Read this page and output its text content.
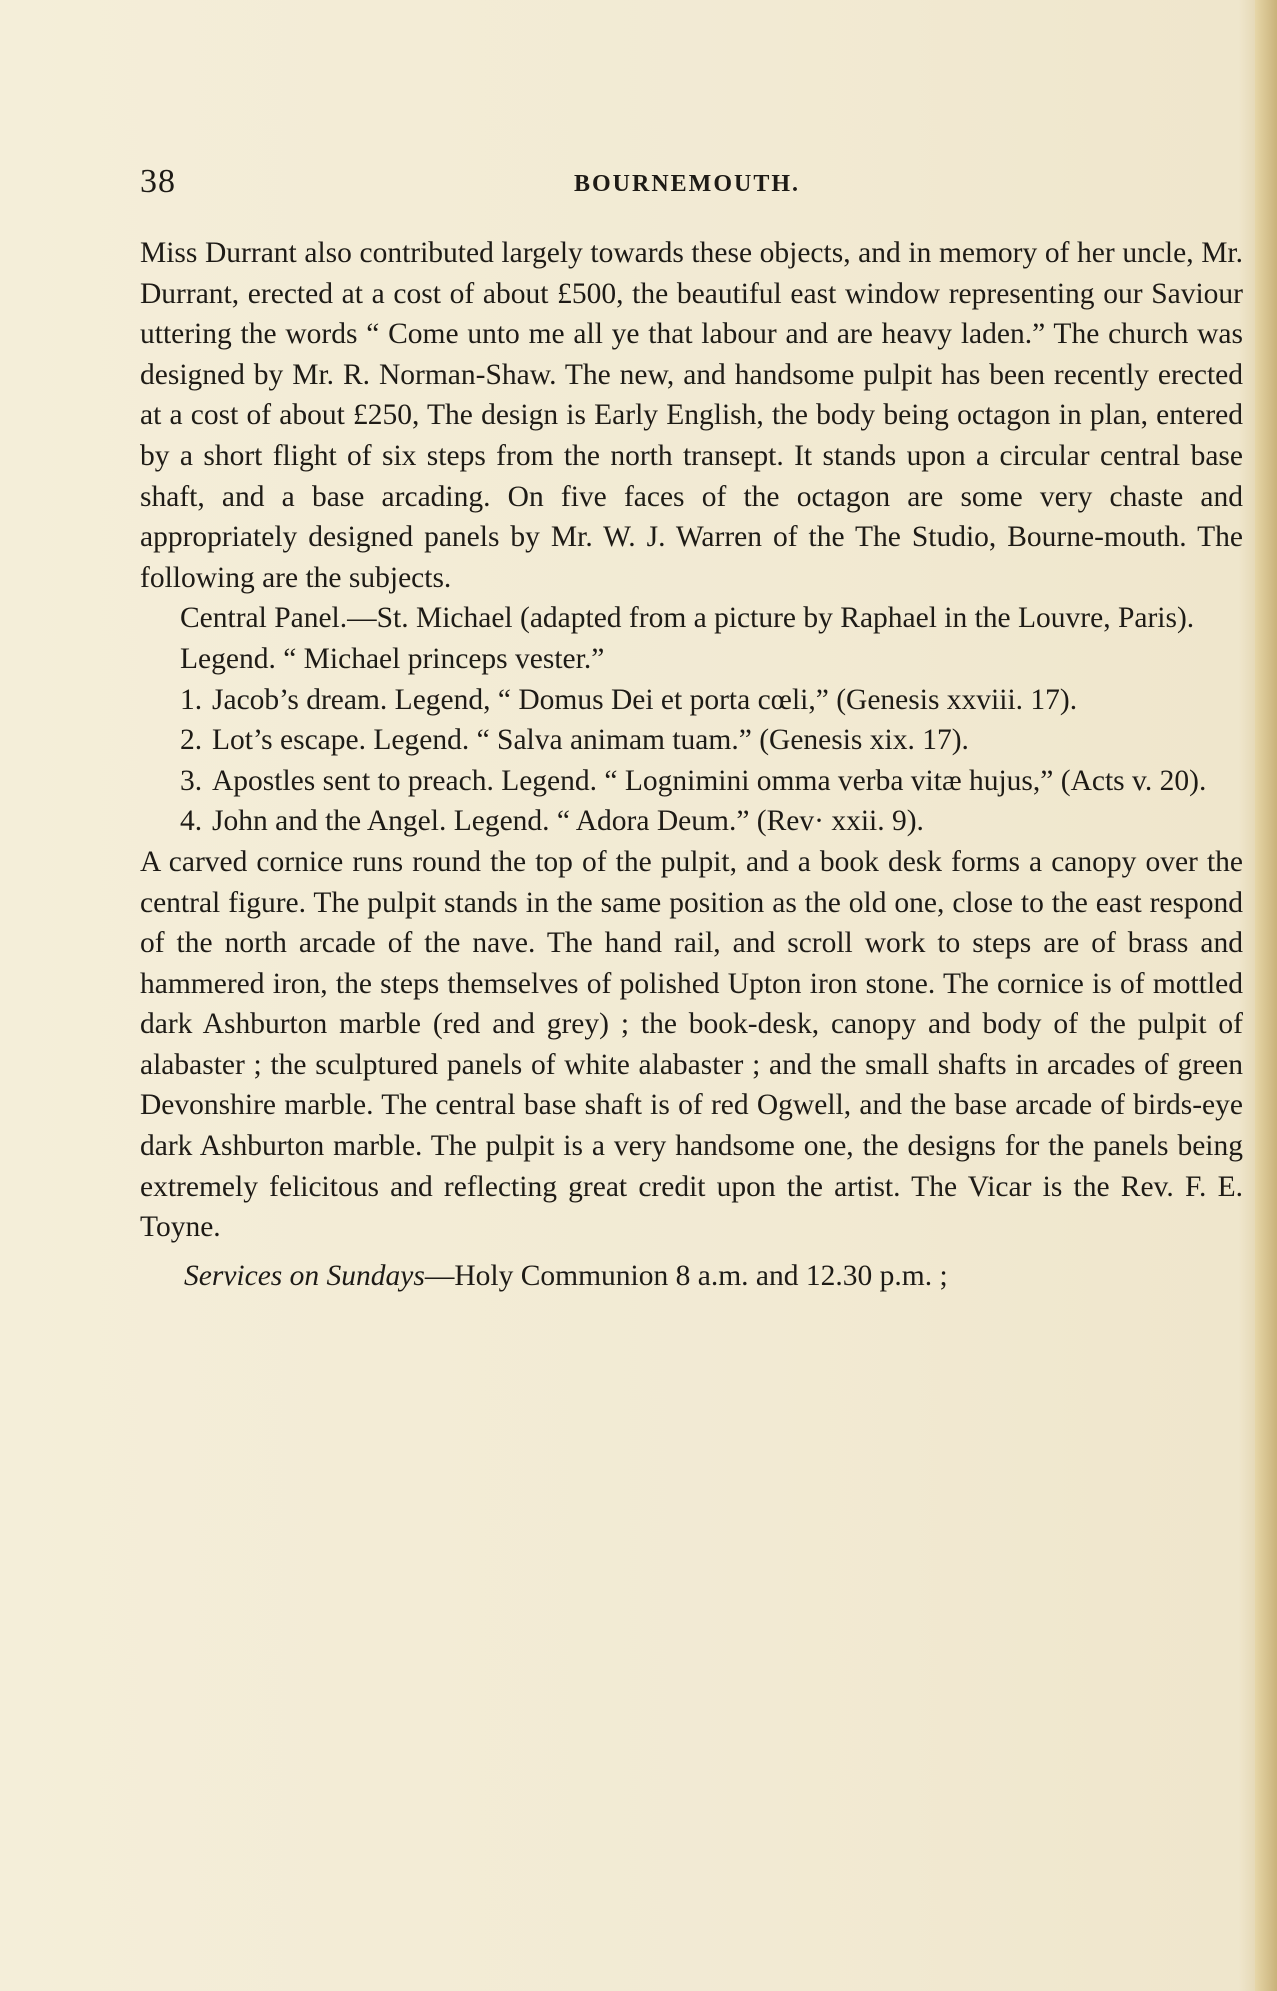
38	BOURNEMOUTH.

Miss Durrant also contributed largely towards these objects, and in memory of her uncle, Mr. Durrant, erected at a cost of about £500, the beautiful east window representing our Saviour uttering the words “ Come unto me all ye that labour and are heavy laden.” The church was designed by Mr. R. Norman-Shaw. The new, and handsome pulpit has been recently erected at a cost of about £250, The design is Early English, the body being octagon in plan, entered by a short flight of six steps from the north transept. It stands upon a circular central base shaft, and a base arcading. On five faces of the octagon are some very chaste and appropriately designed panels by Mr. W. J. Warren of the The Studio, Bourne-mouth. The following are the subjects.

Central Panel.—St. Michael (adapted from a picture by Raphael in the Louvre, Paris).

Legend. “ Michael princeps vester.”

1. Jacob’s dream. Legend, “ Domus Dei et porta cœli,” (Genesis xxviii. 17).
2. Lot’s escape. Legend. “ Salva animam tuam.” (Genesis xix. 17).
3. Apostles sent to preach. Legend. “ Lognimini omma verba vitæ hujus,” (Acts v. 20).
4. John and the Angel. Legend. “ Adora Deum.” (Rev· xxii. 9).

A carved cornice runs round the top of the pulpit, and a book desk forms a canopy over the central figure. The pulpit stands in the same position as the old one, close to the east respond of the north arcade of the nave. The hand rail, and scroll work to steps are of brass and hammered iron, the steps themselves of polished Upton iron stone. The cornice is of mottled dark Ashburton marble (red and grey) ; the book-desk, canopy and body of the pulpit of alabaster ; the sculptured panels of white alabaster ; and the small shafts in arcades of green Devonshire marble. The central base shaft is of red Ogwell, and the base arcade of birds-eye dark Ashburton marble. The pulpit is a very handsome one, the designs for the panels being extremely felicitous and reflecting great credit upon the artist. The Vicar is the Rev. F. E. Toyne.

Services on Sundays—Holy Communion 8 a.m. and 12.30 p.m. ;
